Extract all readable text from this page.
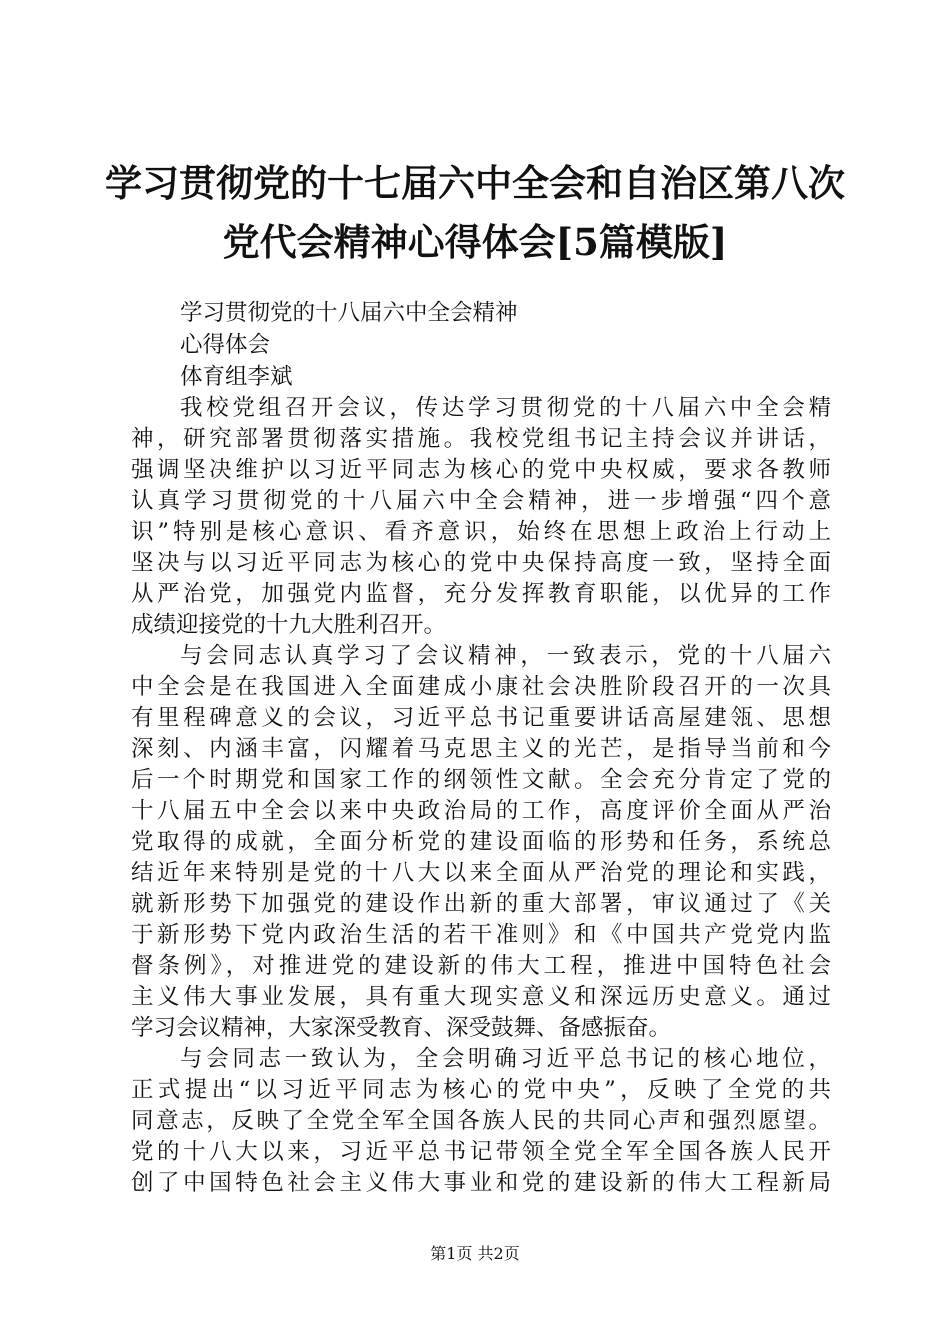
学习贯彻党的十七届六中全会和自治区第八次
党代会精神心得体会[5篇模版]

学习贯彻党的十八届六中全会精神

心得体会

体育组李斌

我校党组召开会议，传达学习贯彻党的十八届六中全会精

神，研究部署贯彻落实措施。我校党组书记主持会议并讲话，

强调坚决维护以习近平同志为核心的党中央权威，要求各教师

认真学习贯彻党的十八届六中全会精神，进一步增强“四个意

识”特别是核心意识、看齐意识，始终在思想上政治上行动上

坚决与以习近平同志为核心的党中央保持高度一致，坚持全面

从严治党，加强党内监督，充分发挥教育职能，以优异的工作

成绩迎接党的十九大胜利召开。

与会同志认真学习了会议精神，一致表示，党的十八届六

中全会是在我国进入全面建成小康社会决胜阶段召开的一次具

有里程碑意义的会议，习近平总书记重要讲话高屋建瓴、思想

深刻、内涵丰富，闪耀着马克思主义的光芒，是指导当前和今

后一个时期党和国家工作的纲领性文献。全会充分肯定了党的

十八届五中全会以来中央政治局的工作，高度评价全面从严治

党取得的成就，全面分析党的建设面临的形势和任务，系统总

结近年来特别是党的十八大以来全面从严治党的理论和实践，

就新形势下加强党的建设作出新的重大部署，审议通过了《关

于新形势下党内政治生活的若干准则》和《中国共产党党内监

督条例》，对推进党的建设新的伟大工程，推进中国特色社会

主义伟大事业发展，具有重大现实意义和深远历史意义。通过

学习会议精神，大家深受教育、深受鼓舞、备感振奋。

与会同志一致认为，全会明确习近平总书记的核心地位，

正式提出“以习近平同志为核心的党中央”，反映了全党的共

同意志，反映了全党全军全国各族人民的共同心声和强烈愿望。

党的十八大以来，习近平总书记带领全党全军全国各族人民开

创了中国特色社会主义伟大事业和党的建设新的伟大工程新局

第1页 共2页
